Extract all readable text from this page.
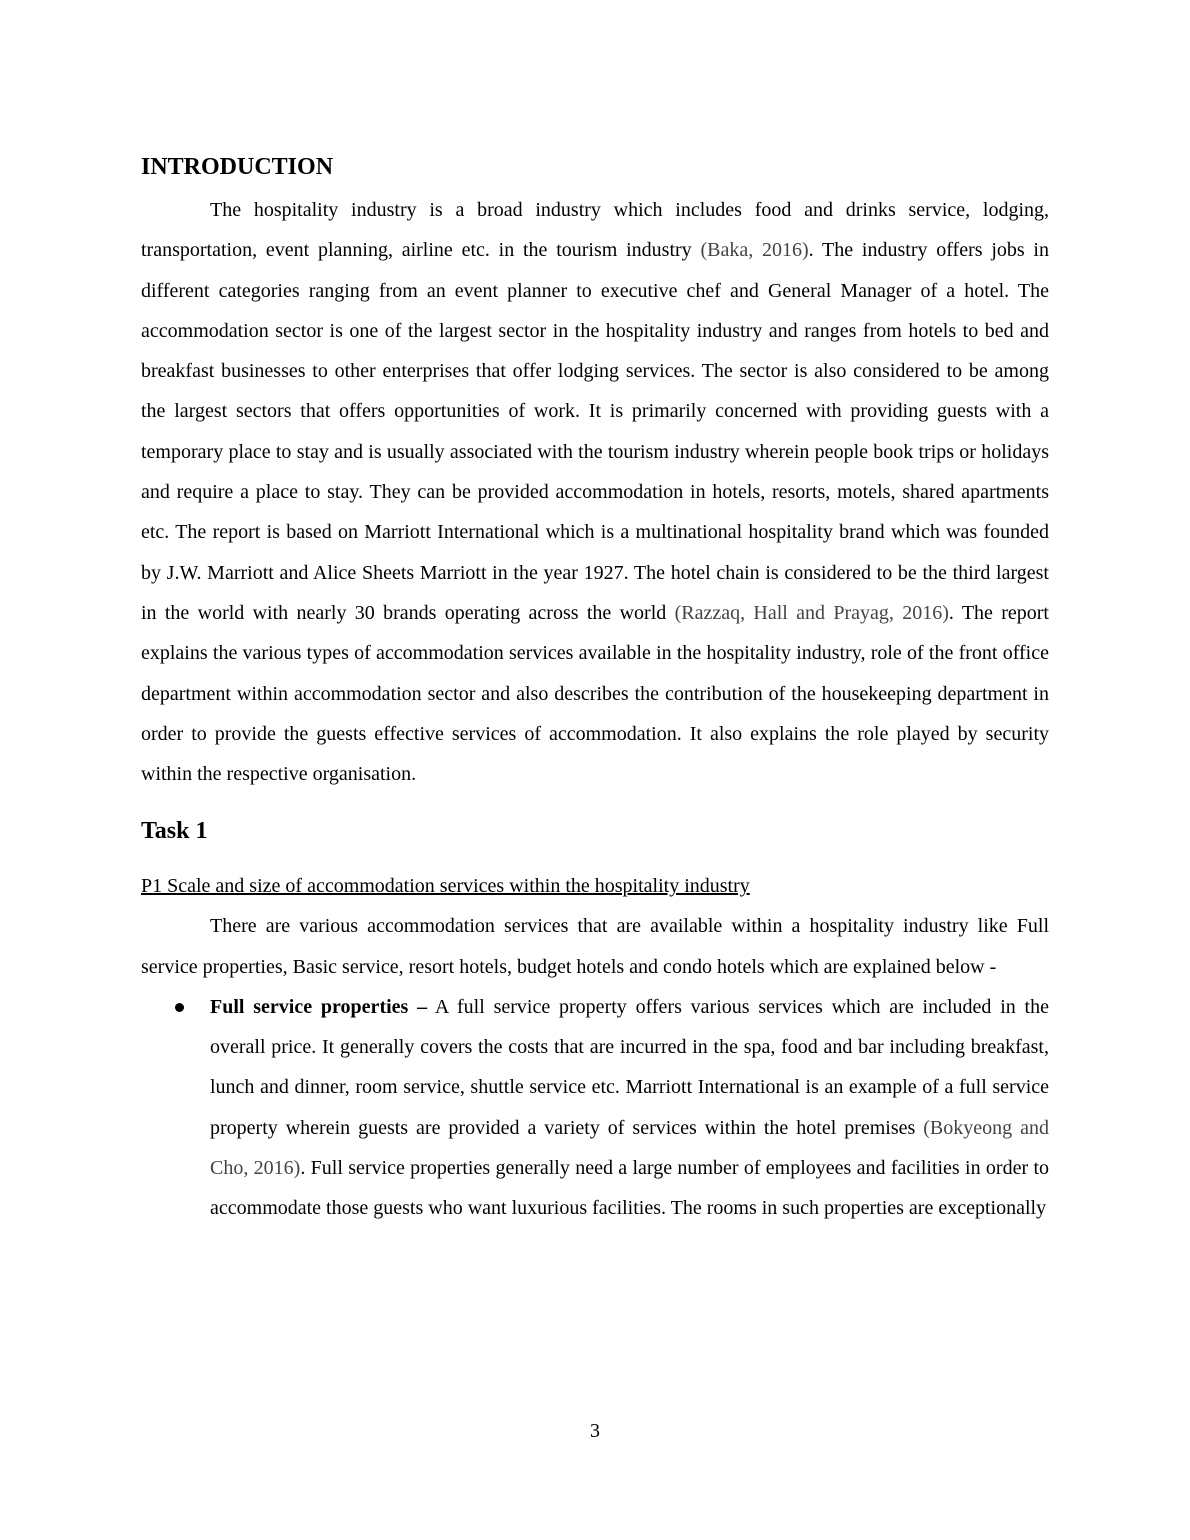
INTRODUCTION

The hospitality industry is a broad industry which includes food and drinks service, lodging, transportation, event planning, airline etc. in the tourism industry (Baka, 2016). The industry offers jobs in different categories ranging from an event planner to executive chef and General Manager of a hotel. The accommodation sector is one of the largest sector in the hospitality industry and ranges from hotels to bed and breakfast businesses to other enterprises that offer lodging services. The sector is also considered to be among the largest sectors that offers opportunities of work. It is primarily concerned with providing guests with a temporary place to stay and is usually associated with the tourism industry wherein people book trips or holidays and require a place to stay. They can be provided accommodation in hotels, resorts, motels, shared apartments etc. The report is based on Marriott International which is a multinational hospitality brand which was founded by J.W. Marriott and Alice Sheets Marriott in the year 1927. The hotel chain is considered to be the third largest in the world with nearly 30 brands operating across the world (Razzaq, Hall and Prayag, 2016). The report explains the various types of accommodation services available in the hospitality industry, role of the front office department within accommodation sector and also describes the contribution of the housekeeping department in order to provide the guests effective services of accommodation. It also explains the role played by security within the respective organisation.

Task 1

P1 Scale and size of accommodation services within the hospitality industry

There are various accommodation services that are available within a hospitality industry like Full service properties, Basic service, resort hotels, budget hotels and condo hotels which are explained below -

Full service properties – A full service property offers various services which are included in the overall price. It generally covers the costs that are incurred in the spa, food and bar including breakfast, lunch and dinner, room service, shuttle service etc. Marriott International is an example of a full service property wherein guests are provided a variety of services within the hotel premises (Bokyeong and Cho, 2016). Full service properties generally need a large number of employees and facilities in order to accommodate those guests who want luxurious facilities. The rooms in such properties are exceptionally
3
